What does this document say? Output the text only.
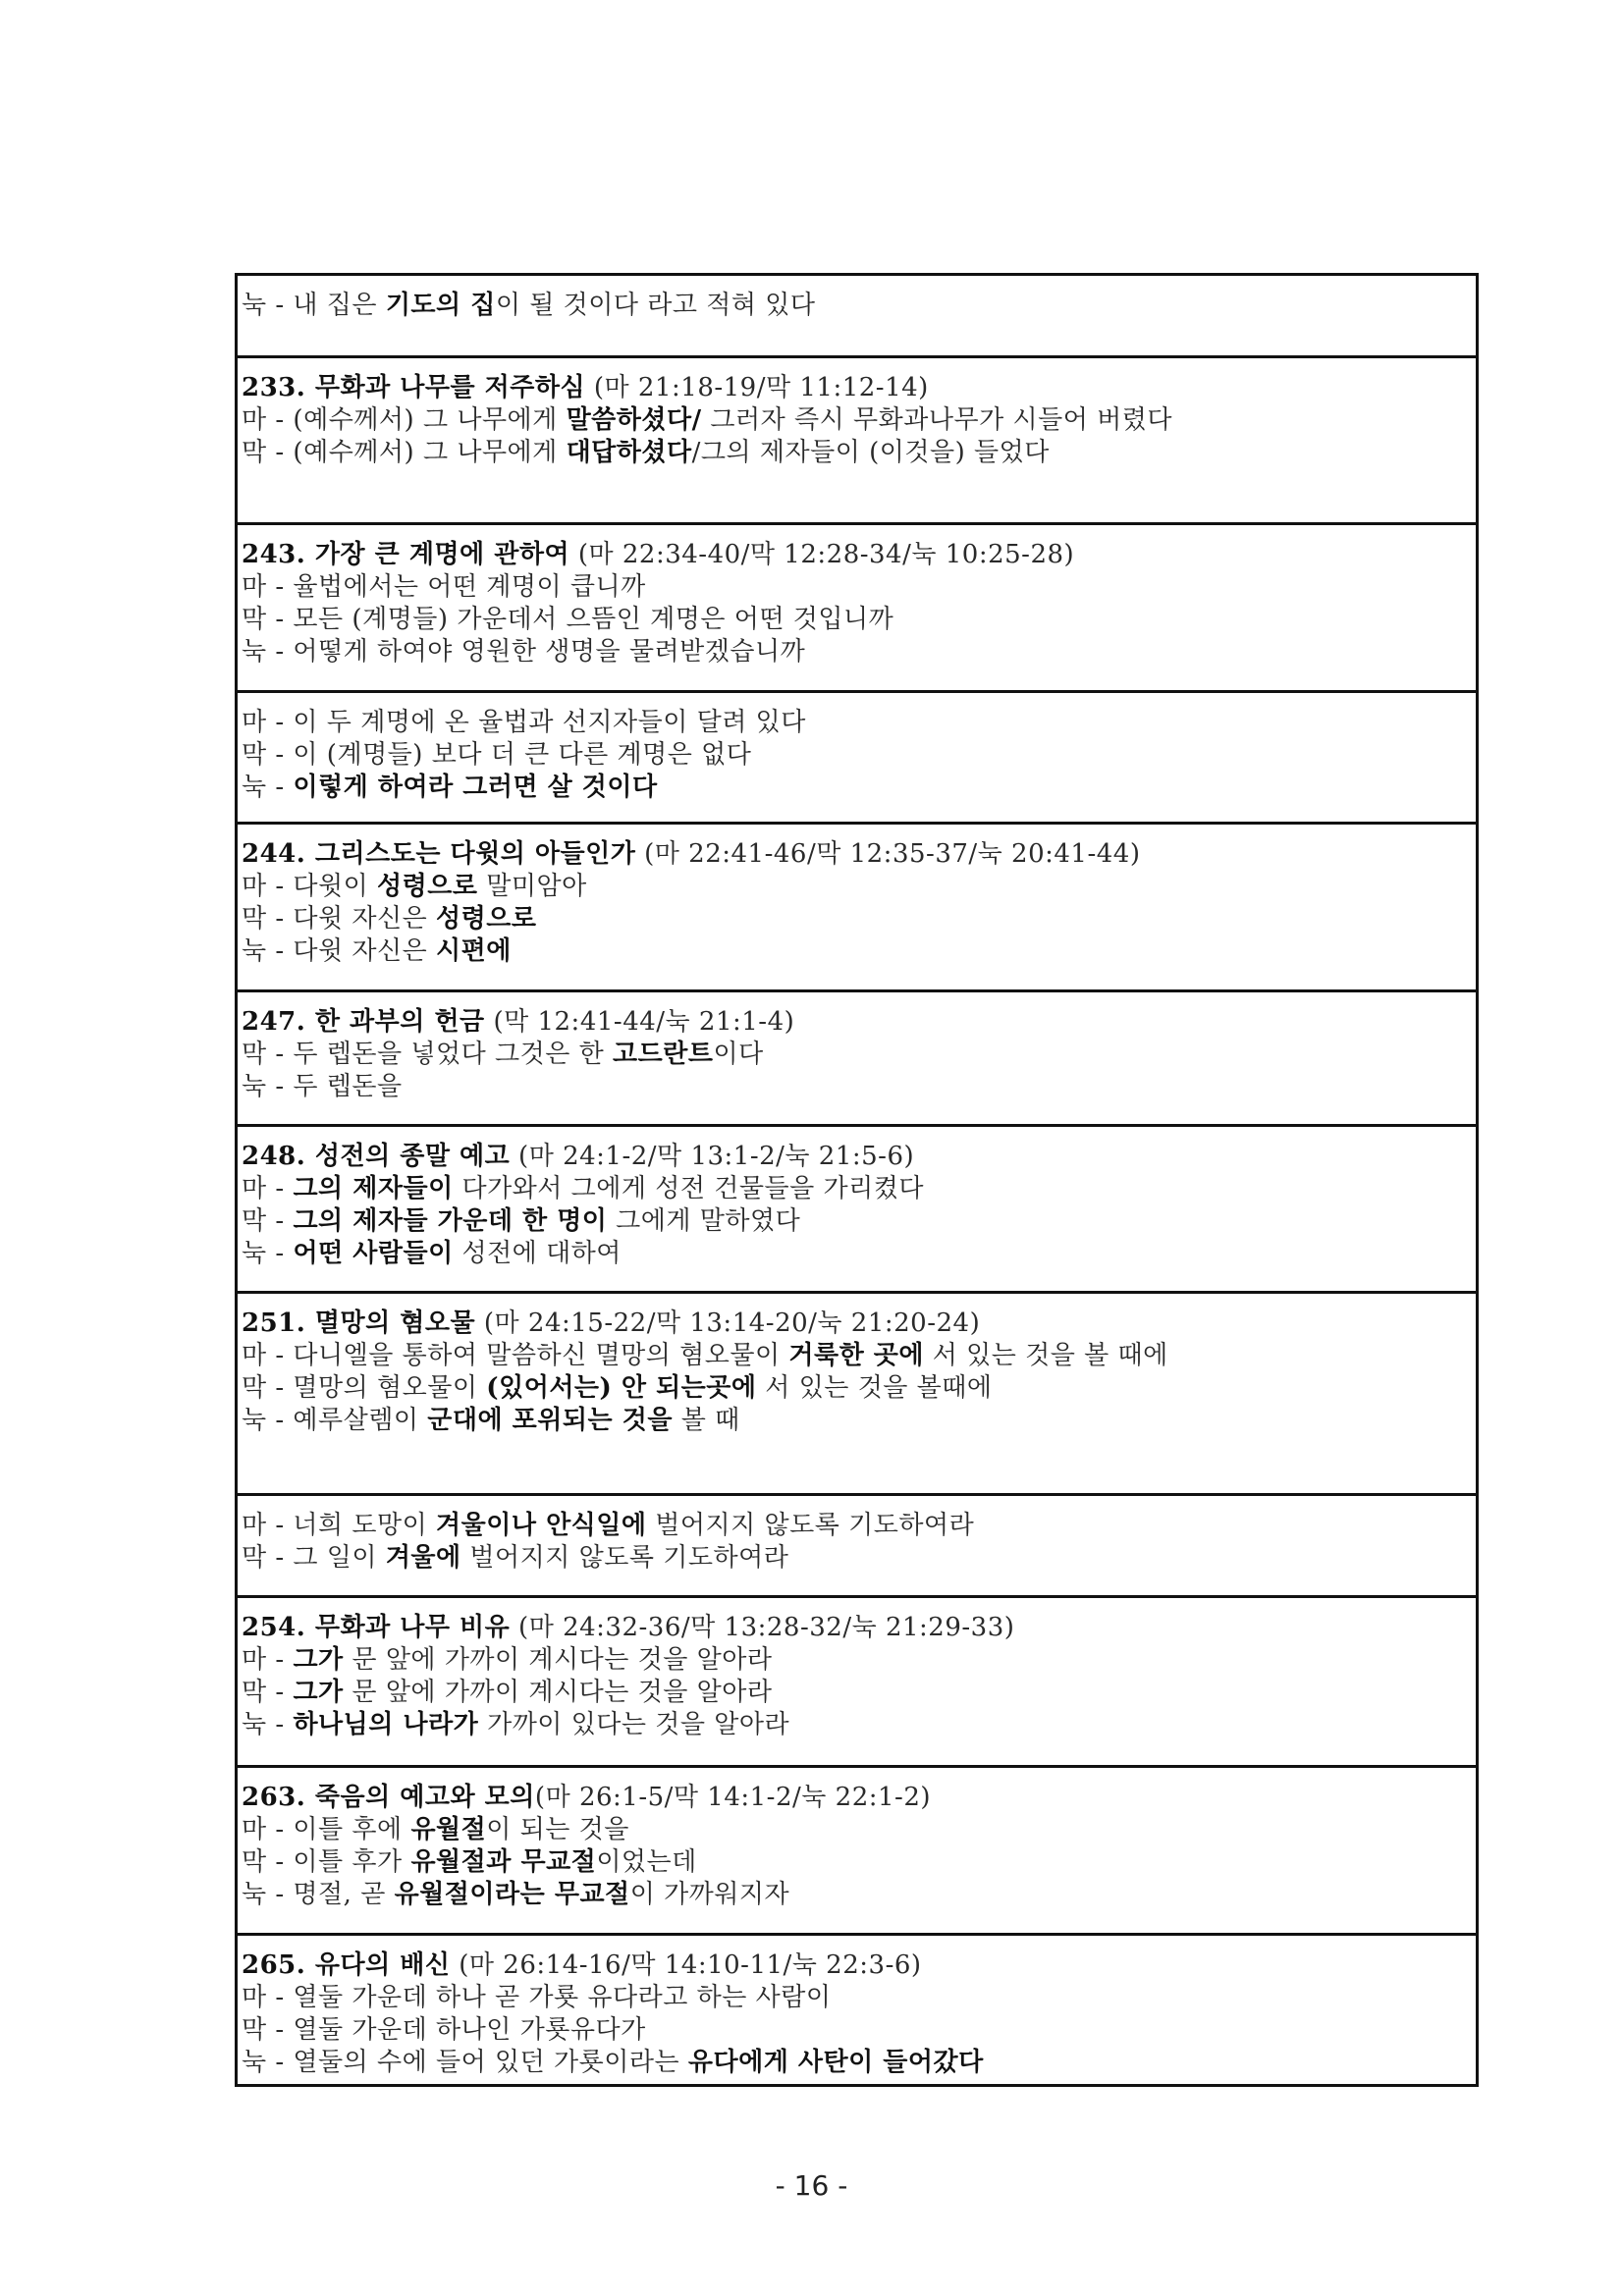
눅 - 내 집은 기도의 집이 될 것이다 라고 적혀 있다
233. 무화과 나무를 저주하심 (마 21:18-19/막 11:12-14)
마 - (예수께서) 그 나무에게 말씀하셨다/ 그러자 즉시 무화과나무가 시들어 버렸다
막 - (예수께서) 그 나무에게 대답하셨다/그의 제자들이 (이것을) 들었다
243. 가장 큰 계명에 관하여 (마 22:34-40/막 12:28-34/눅 10:25-28)
마 - 율법에서는 어떤 계명이 큽니까
막 - 모든 (계명들) 가운데서 으뜸인 계명은 어떤 것입니까
눅 - 어떻게 하여야 영원한 생명을 물려받겠습니까
마 - 이 두 계명에 온 율법과 선지자들이 달려 있다
막 - 이 (계명들) 보다 더 큰 다른 계명은 없다
눅 - 이렇게 하여라 그러면 살 것이다
244. 그리스도는 다윗의 아들인가 (마 22:41-46/막 12:35-37/눅 20:41-44)
마 - 다윗이 성령으로 말미암아
막 - 다윗 자신은 성령으로
눅 - 다윗 자신은 시편에
247. 한 과부의 헌금 (막 12:41-44/눅 21:1-4)
막 - 두 렙돈을 넣었다 그것은 한 고드란트이다
눅 - 두 렙돈을
248. 성전의 종말 예고 (마 24:1-2/막 13:1-2/눅 21:5-6)
마 - 그의 제자들이 다가와서 그에게 성전 건물들을 가리켰다
막 - 그의 제자들 가운데 한 명이 그에게 말하였다
눅 - 어떤 사람들이 성전에 대하여
251. 멸망의 혐오물 (마 24:15-22/막 13:14-20/눅 21:20-24)
마 - 다니엘을 통하여 말씀하신 멸망의 혐오물이 거룩한 곳에 서 있는 것을 볼 때에
막 - 멸망의 혐오물이 (있어서는) 안 되는곳에 서 있는 것을 볼때에
눅 - 예루살렘이 군대에 포위되는 것을 볼 때
마 - 너희 도망이 겨울이나 안식일에 벌어지지 않도록 기도하여라
막 - 그 일이 겨울에 벌어지지 않도록 기도하여라
254. 무화과 나무 비유 (마 24:32-36/막 13:28-32/눅 21:29-33)
마 - 그가 문 앞에 가까이 계시다는 것을 알아라
막 - 그가 문 앞에 가까이 계시다는 것을 알아라
눅 - 하나님의 나라가 가까이 있다는 것을 알아라
263. 죽음의 예고와 모의(마 26:1-5/막 14:1-2/눅 22:1-2)
마 - 이틀 후에 유월절이 되는 것을
막 - 이틀 후가 유월절과 무교절이었는데
눅 - 명절, 곧 유월절이라는 무교절이 가까워지자
265. 유다의 배신 (마 26:14-16/막 14:10-11/눅 22:3-6)
마 - 열둘 가운데 하나 곧 가룟 유다라고 하는 사람이
막 - 열둘 가운데 하나인 가룟유다가
눅 - 열둘의 수에 들어 있던 가룟이라는 유다에게 사탄이 들어갔다
- 16 -
